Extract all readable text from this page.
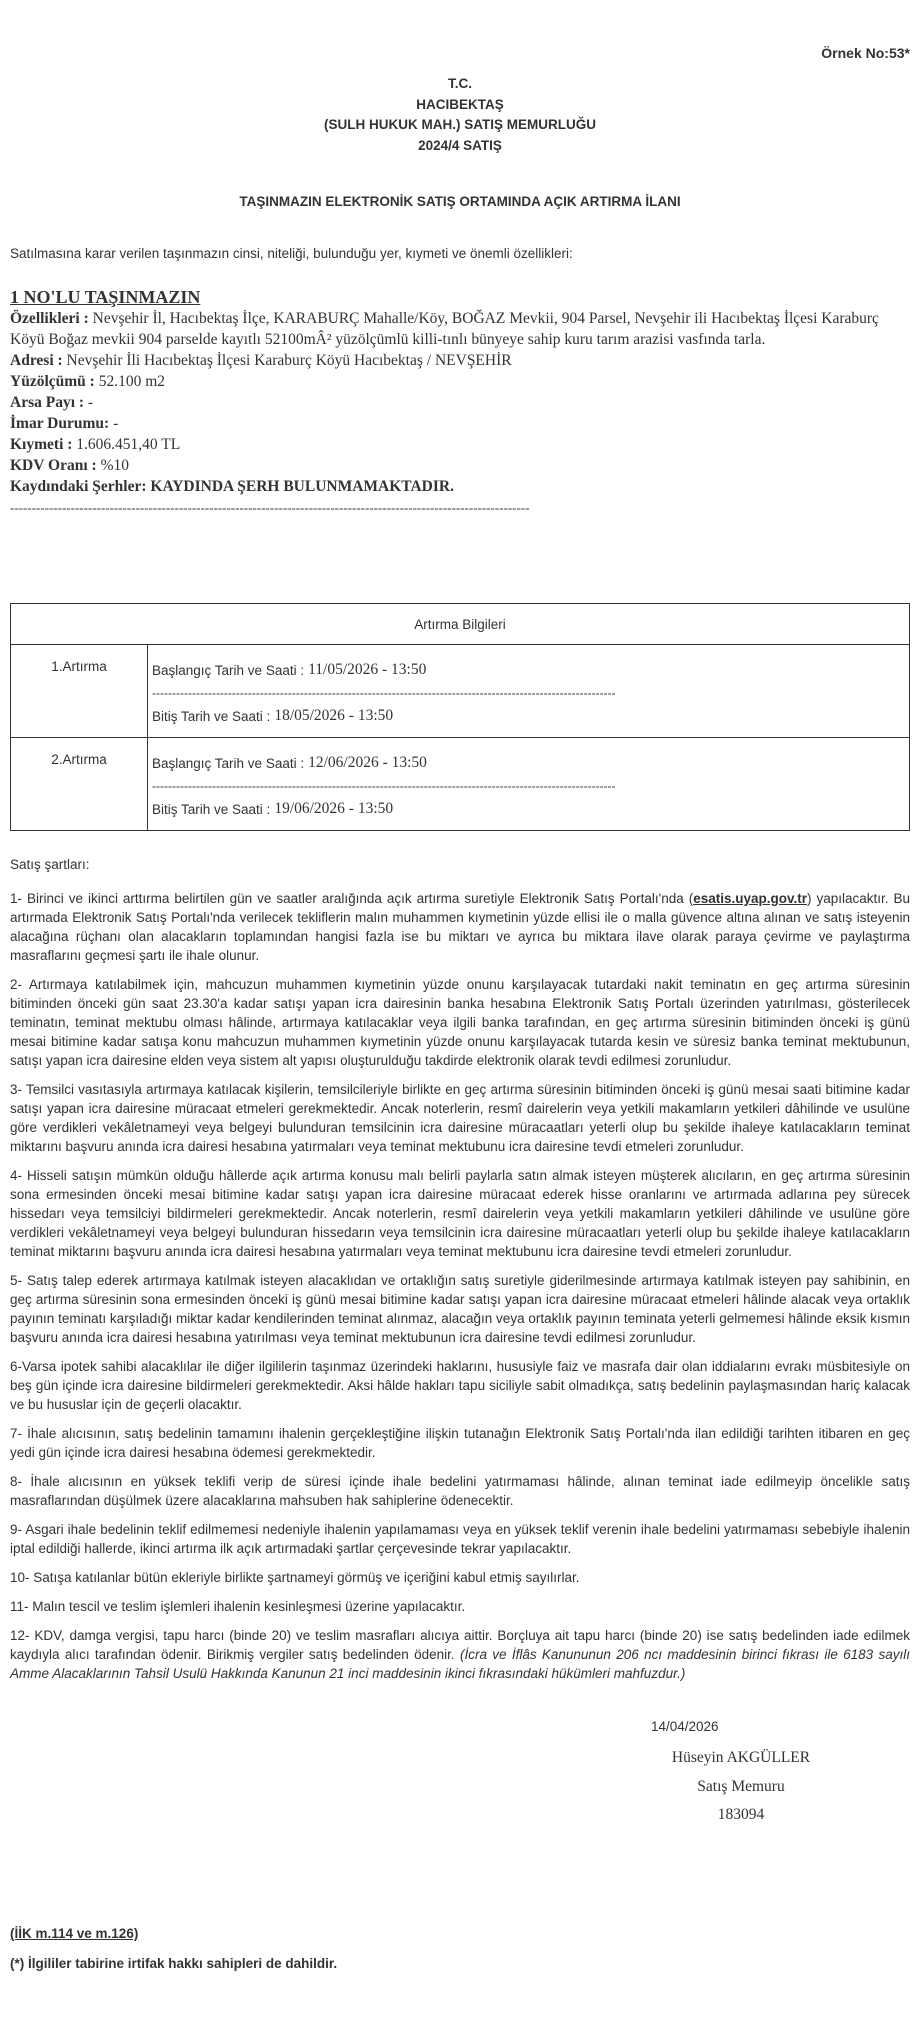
Örnek No:53*
T.C.
HACIBEKTAŞ
(SULH HUKUK MAH.) SATIŞ MEMURLUĞU
2024/4 SATIŞ
TAŞINMAZIN ELEKTRONİK SATIŞ ORTAMINDA AÇIK ARTIRMA İLANI
Satılmasına karar verilen taşınmazın cinsi, niteliği, bulunduğu yer, kıymeti ve önemli özellikleri:
1 NO'LU TAŞINMAZIN
Özellikleri : Nevşehir İl, Hacıbektaş İlçe, KARABURÇ Mahalle/Köy, BOĞAZ Mevkii, 904 Parsel, Nevşehir ili Hacıbektaş İlçesi Karaburç Köyü Boğaz mevkii 904 parselde kayıtlı 52100mÂ² yüzölçümlü killi-tınlı bünyeye sahip kuru tarım arazisi vasfında tarla.
Adresi : Nevşehir İli Hacıbektaş İlçesi Karaburç Köyü Hacıbektaş / NEVŞEHİR
Yüzölçümü : 52.100 m2
Arsa Payı : -
İmar Durumu: -
Kıymeti : 1.606.451,40 TL
KDV Oranı : %10
Kaydındaki Şerhler: KAYDINDA ŞERH BULUNMAMAKTADIR.
------------------------------------------------------------------------------------------------------------------------
Artırma Bilgileri	
1.Artırma	Başlangıç Tarih ve Saati : 11/05/2026 - 13:50
--------------------------------------------------------------------------------------------------------------------
Bitiş Tarih ve Saati : 18/05/2026 - 13:50

2.Artırma	Başlangıç Tarih ve Saati : 12/06/2026 - 13:50
--------------------------------------------------------------------------------------------------------------------
Bitiş Tarih ve Saati : 19/06/2026 - 13:50
Satış şartları:

1- Birinci ve ikinci arttırma belirtilen gün ve saatler aralığında açık artırma suretiyle Elektronik Satış Portalı'nda (esatis.uyap.gov.tr) yapılacaktır. Bu artırmada Elektronik Satış Portalı'nda verilecek tekliflerin malın muhammen kıymetinin yüzde ellisi ile o malla güvence altına alınan ve satış isteyenin alacağına rüçhanı olan alacakların toplamından hangisi fazla ise bu miktarı ve ayrıca bu miktara ilave olarak paraya çevirme ve paylaştırma masraflarını geçmesi şartı ile ihale olunur.

2- Artırmaya katılabilmek için, mahcuzun muhammen kıymetinin yüzde onunu karşılayacak tutardaki nakit teminatın en geç artırma süresinin bitiminden önceki gün saat 23.30'a kadar satışı yapan icra dairesinin banka hesabına Elektronik Satış Portalı üzerinden yatırılması, gösterilecek teminatın, teminat mektubu olması hâlinde, artırmaya katılacaklar veya ilgili banka tarafından, en geç artırma süresinin bitiminden önceki iş günü mesai bitimine kadar satışa konu mahcuzun muhammen kıymetinin yüzde onunu karşılayacak tutarda kesin ve süresiz banka teminat mektubunun, satışı yapan icra dairesine elden veya sistem alt yapısı oluşturulduğu takdirde elektronik olarak tevdi edilmesi zorunludur.

3- Temsilci vasıtasıyla artırmaya katılacak kişilerin, temsilcileriyle birlikte en geç artırma süresinin bitiminden önceki iş günü mesai saati bitimine kadar satışı yapan icra dairesine müracaat etmeleri gerekmektedir. Ancak noterlerin, resmî dairelerin veya yetkili makamların yetkileri dâhilinde ve usulüne göre verdikleri vekâletnameyi veya belgeyi bulunduran temsilcinin icra dairesine müracaatları yeterli olup bu şekilde ihaleye katılacakların teminat miktarını başvuru anında icra dairesi hesabına yatırmaları veya teminat mektubunu icra dairesine tevdi etmeleri zorunludur.

4- Hisseli satışın mümkün olduğu hâllerde açık artırma konusu malı belirli paylarla satın almak isteyen müşterek alıcıların, en geç artırma süresinin sona ermesinden önceki mesai bitimine kadar satışı yapan icra dairesine müracaat ederek hisse oranlarını ve artırmada adlarına pey sürecek hissedarı veya temsilciyi bildirmeleri gerekmektedir. Ancak noterlerin, resmî dairelerin veya yetkili makamların yetkileri dâhilinde ve usulüne göre verdikleri vekâletnameyi veya belgeyi bulunduran hissedarın veya temsilcinin icra dairesine müracaatları yeterli olup bu şekilde ihaleye katılacakların teminat miktarını başvuru anında icra dairesi hesabına yatırmaları veya teminat mektubunu icra dairesine tevdi etmeleri zorunludur.

5- Satış talep ederek artırmaya katılmak isteyen alacaklıdan ve ortaklığın satış suretiyle giderilmesinde artırmaya katılmak isteyen pay sahibinin, en geç artırma süresinin sona ermesinden önceki iş günü mesai bitimine kadar satışı yapan icra dairesine müracaat etmeleri hâlinde alacak veya ortaklık payının teminatı karşıladığı miktar kadar kendilerinden teminat alınmaz, alacağın veya ortaklık payının teminata yeterli gelmemesi hâlinde eksik kısmın başvuru anında icra dairesi hesabına yatırılması veya teminat mektubunun icra dairesine tevdi edilmesi zorunludur.

6-Varsa ipotek sahibi alacaklılar ile diğer ilgililerin taşınmaz üzerindeki haklarını, hususiyle faiz ve masrafa dair olan iddialarını evrakı müsbitesiyle on beş gün içinde icra dairesine bildirmeleri gerekmektedir. Aksi hâlde hakları tapu siciliyle sabit olmadıkça, satış bedelinin paylaşmasından hariç kalacak ve bu hususlar için de geçerli olacaktır.

7- İhale alıcısının, satış bedelinin tamamını ihalenin gerçekleştiğine ilişkin tutanağın Elektronik Satış Portalı'nda ilan edildiği tarihten itibaren en geç yedi gün içinde icra dairesi hesabına ödemesi gerekmektedir.

8- İhale alıcısının en yüksek teklifi verip de süresi içinde ihale bedelini yatırmaması hâlinde, alınan teminat iade edilmeyip öncelikle satış masraflarından düşülmek üzere alacaklarına mahsuben hak sahiplerine ödenecektir.

9- Asgari ihale bedelinin teklif edilmemesi nedeniyle ihalenin yapılamaması veya en yüksek teklif verenin ihale bedelini yatırmaması sebebiyle ihalenin iptal edildiği hallerde, ikinci artırma ilk açık artırmadaki şartlar çerçevesinde tekrar yapılacaktır.

10- Satışa katılanlar bütün ekleriyle birlikte şartnameyi görmüş ve içeriğini kabul etmiş sayılırlar.

11- Malın tescil ve teslim işlemleri ihalenin kesinleşmesi üzerine yapılacaktır.

12- KDV, damga vergisi, tapu harcı (binde 20) ve teslim masrafları alıcıya aittir. Borçluya ait tapu harcı (binde 20) ise satış bedelinden iade edilmek kaydıyla alıcı tarafından ödenir. Birikmiş vergiler satış bedelinden ödenir. (İcra ve İflâs Kanununun 206 ncı maddesinin birinci fıkrası ile 6183 sayılı Amme Alacaklarının Tahsil Usulü Hakkında Kanunun 21 inci maddesinin ikinci fıkrasındaki hükümleri mahfuzdur.)

14/04/2026
Hüseyin AKGÜLLER
Satış Memuru
183094
(İİK m.114 ve m.126)
(*) İlgililer tabirine irtifak hakkı sahipleri de dahildir.
